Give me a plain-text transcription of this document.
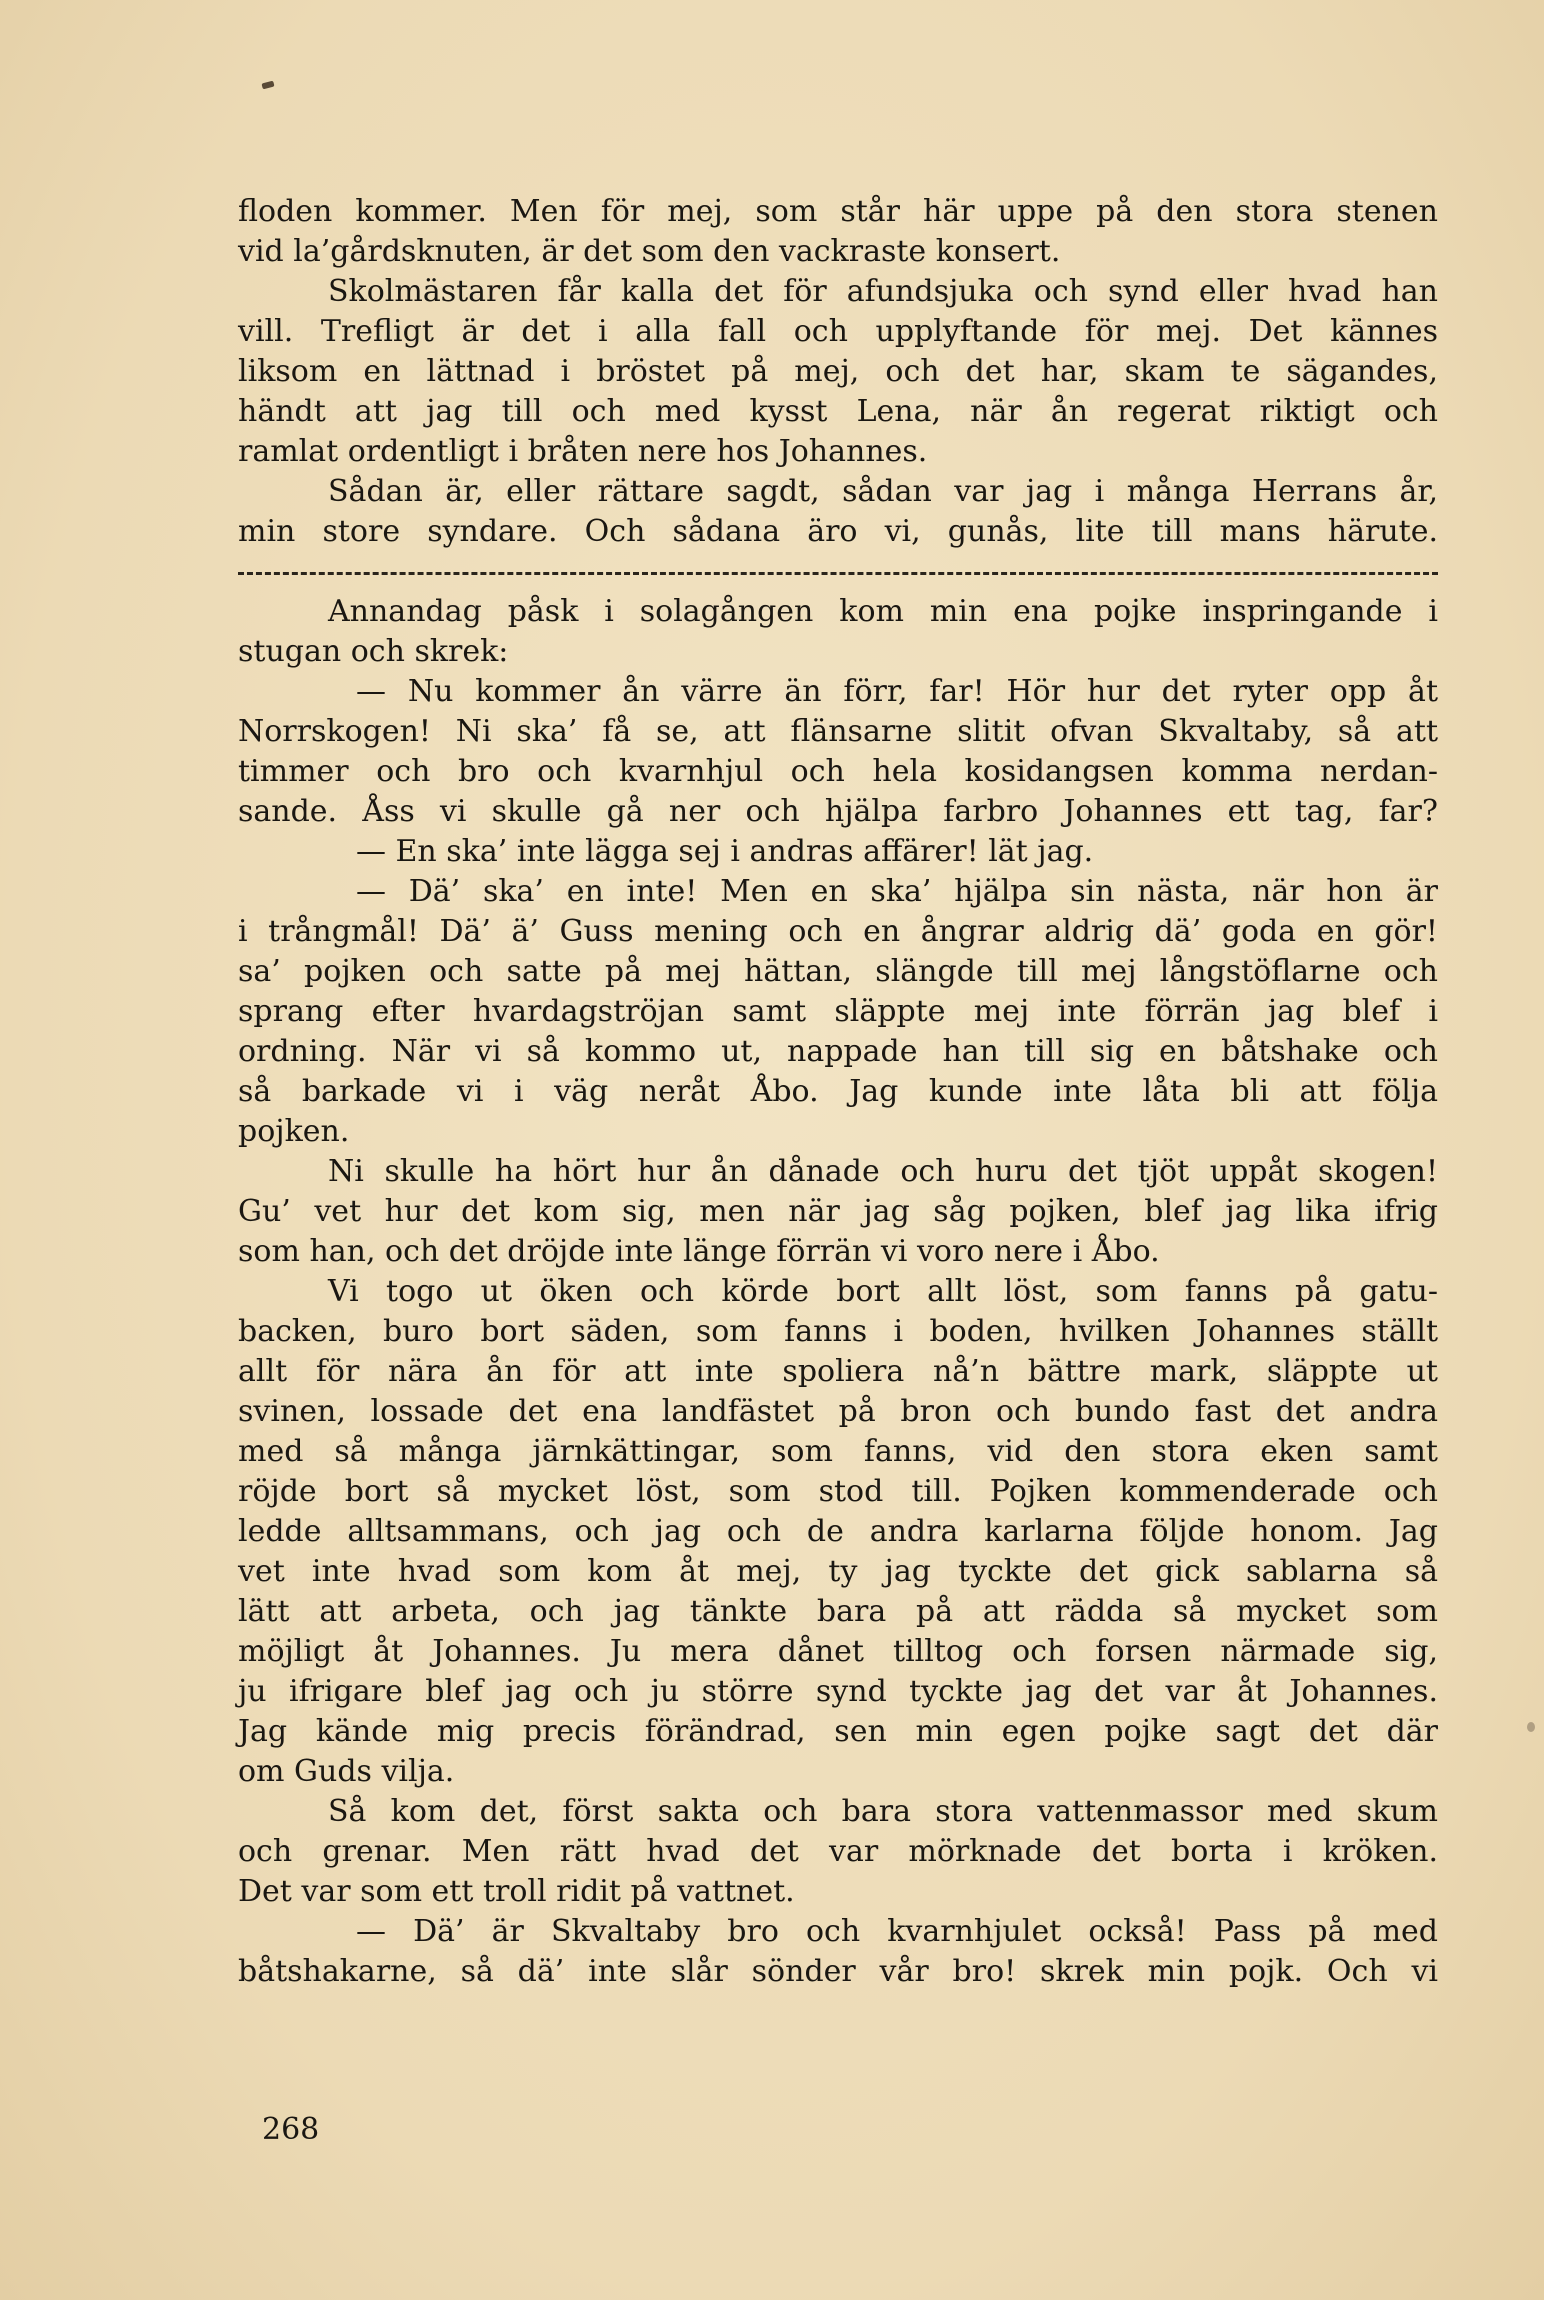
floden kommer. Men för mej, som står här uppe på den stora stenen
vid la’gårdsknuten, är det som den vackraste konsert.
Skolmästaren får kalla det för afundsjuka och synd eller hvad han
vill. Trefligt är det i alla fall och upplyftande för mej. Det kännes
liksom en lättnad i bröstet på mej, och det har, skam te sägandes,
händt att jag till och med kysst Lena, när ån regerat riktigt och
ramlat ordentligt i bråten nere hos Johannes.
Sådan är, eller rättare sagdt, sådan var jag i många Herrans år,
min store syndare. Och sådana äro vi, gunås, lite till mans härute.
Annandag påsk i solagången kom min ena pojke inspringande i
stugan och skrek:
— Nu kommer ån värre än förr, far! Hör hur det ryter opp åt
Norrskogen! Ni ska’ få se, att flänsarne slitit ofvan Skvaltaby, så att
timmer och bro och kvarnhjul och hela kosidangsen komma nerdan-
sande. Åss vi skulle gå ner och hjälpa farbro Johannes ett tag, far?
— En ska’ inte lägga sej i andras affärer! lät jag.
— Dä’ ska’ en inte! Men en ska’ hjälpa sin nästa, när hon är
i trångmål! Dä’ ä’ Guss mening och en ångrar aldrig dä’ goda en gör!
sa’ pojken och satte på mej hättan, slängde till mej långstöflarne och
sprang efter hvardagströjan samt släppte mej inte förrän jag blef i
ordning. När vi så kommo ut, nappade han till sig en båtshake och
så barkade vi i väg neråt Åbo. Jag kunde inte låta bli att följa
pojken.
Ni skulle ha hört hur ån dånade och huru det tjöt uppåt skogen!
Gu’ vet hur det kom sig, men när jag såg pojken, blef jag lika ifrig
som han, och det dröjde inte länge förrän vi voro nere i Åbo.
Vi togo ut öken och körde bort allt löst, som fanns på gatu-
backen, buro bort säden, som fanns i boden, hvilken Johannes ställt
allt för nära ån för att inte spoliera nå’n bättre mark, släppte ut
svinen, lossade det ena landfästet på bron och bundo fast det andra
med så många järnkättingar, som fanns, vid den stora eken samt
röjde bort så mycket löst, som stod till. Pojken kommenderade och
ledde alltsammans, och jag och de andra karlarna följde honom. Jag
vet inte hvad som kom åt mej, ty jag tyckte det gick sablarna så
lätt att arbeta, och jag tänkte bara på att rädda så mycket som
möjligt åt Johannes. Ju mera dånet tilltog och forsen närmade sig,
ju ifrigare blef jag och ju större synd tyckte jag det var åt Johannes.
Jag kände mig precis förändrad, sen min egen pojke sagt det där
om Guds vilja.
Så kom det, först sakta och bara stora vattenmassor med skum
och grenar. Men rätt hvad det var mörknade det borta i kröken.
Det var som ett troll ridit på vattnet.
— Dä’ är Skvaltaby bro och kvarnhjulet också! Pass på med
båtshakarne, så dä’ inte slår sönder vår bro! skrek min pojk. Och vi
268
